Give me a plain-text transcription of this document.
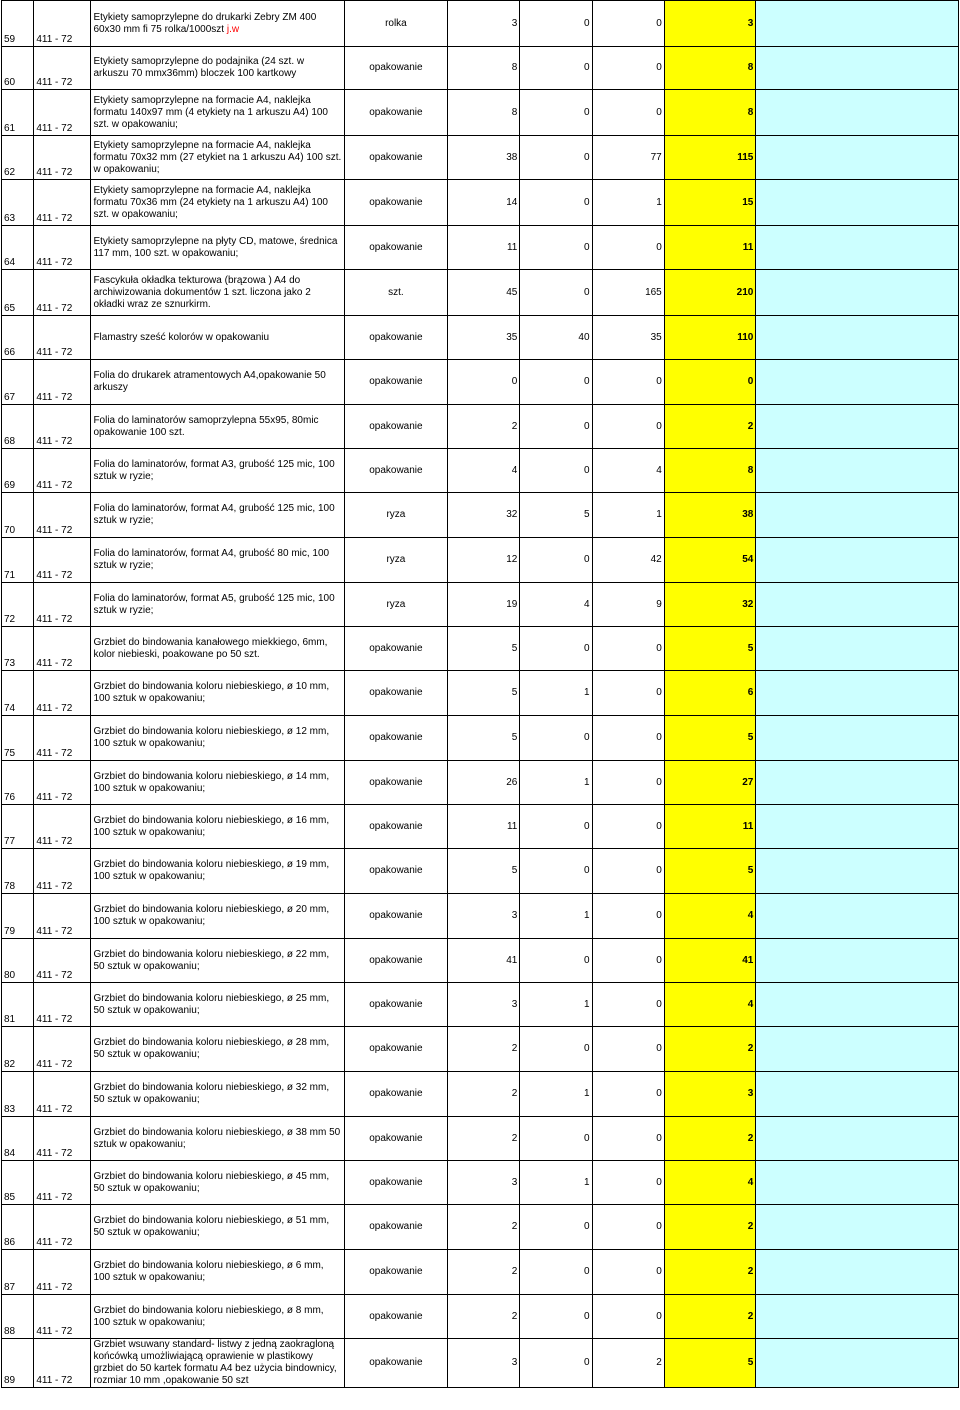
59	411 - 72	Etykiety samoprzylepne do drukarki Zebry ZM 400 60x30 mm fi 75 rolka/1000szt j.w	rolka	3	0	0	3	
60	411 - 72	Etykiety samoprzylepne do podajnika (24 szt. w arkuszu 70 mmx36mm) bloczek 100 kartkowy	opakowanie	8	0	0	8	
61	411 - 72	Etykiety samoprzylepne na formacie A4, naklejka formatu 140x97 mm (4 etykiety na 1 arkuszu A4) 100 szt. w opakowaniu;	opakowanie	8	0	0	8	
62	411 - 72	Etykiety samoprzylepne na formacie A4, naklejka formatu 70x32 mm (27 etykiet na 1 arkuszu A4) 100 szt. w opakowaniu;	opakowanie	38	0	77	115	
63	411 - 72	Etykiety samoprzylepne na formacie A4, naklejka formatu 70x36 mm (24 etykiety na 1 arkuszu A4) 100 szt. w opakowaniu;	opakowanie	14	0	1	15	
64	411 - 72	Etykiety samoprzylepne na płyty CD, matowe, średnica 117 mm, 100 szt. w opakowaniu;	opakowanie	11	0	0	11	
65	411 - 72	Fascykuła okładka tekturowa (brązowa ) A4 do archiwizowania dokumentów 1 szt. liczona jako 2 okładki wraz ze sznurkirm.	szt.	45	0	165	210	
66	411 - 72	Flamastry sześć kolorów w opakowaniu	opakowanie	35	40	35	110	
67	411 - 72	Folia do drukarek atramentowych A4,opakowanie 50 arkuszy	opakowanie	0	0	0	0	
68	411 - 72	Folia do laminatorów samoprzylepna 55x95, 80mic opakowanie 100 szt.	opakowanie	2	0	0	2	
69	411 - 72	Folia do laminatorów, format A3, grubość 125 mic, 100 sztuk w ryzie;	opakowanie	4	0	4	8	
70	411 - 72	Folia do laminatorów, format A4, grubość 125 mic, 100 sztuk w ryzie;	ryza	32	5	1	38	
71	411 - 72	Folia do laminatorów, format A4, grubość 80 mic, 100 sztuk w ryzie;	ryza	12	0	42	54	
72	411 - 72	Folia do laminatorów, format A5, grubość 125 mic, 100 sztuk w ryzie;	ryza	19	4	9	32	
73	411 - 72	Grzbiet do bindowania kanałowego miekkiego, 6mm, kolor niebieski, poakowane po 50 szt.	opakowanie	5	0	0	5	
74	411 - 72	Grzbiet do bindowania koloru niebieskiego, ø 10 mm, 100 sztuk w opakowaniu;	opakowanie	5	1	0	6	
75	411 - 72	Grzbiet do bindowania koloru niebieskiego, ø 12 mm, 100 sztuk w opakowaniu;	opakowanie	5	0	0	5	
76	411 - 72	Grzbiet do bindowania koloru niebieskiego, ø 14 mm, 100 sztuk w opakowaniu;	opakowanie	26	1	0	27	
77	411 - 72	Grzbiet do bindowania koloru niebieskiego, ø 16 mm, 100 sztuk w opakowaniu;	opakowanie	11	0	0	11	
78	411 - 72	Grzbiet do bindowania koloru niebieskiego, ø 19 mm, 100 sztuk w opakowaniu;	opakowanie	5	0	0	5	
79	411 - 72	Grzbiet do bindowania koloru niebieskiego, ø 20 mm, 100 sztuk w opakowaniu;	opakowanie	3	1	0	4	
80	411 - 72	Grzbiet do bindowania koloru niebieskiego, ø 22 mm, 50 sztuk w opakowaniu;	opakowanie	41	0	0	41	
81	411 - 72	Grzbiet do bindowania koloru niebieskiego, ø 25 mm, 50 sztuk w opakowaniu;	opakowanie	3	1	0	4	
82	411 - 72	Grzbiet do bindowania koloru niebieskiego, ø 28 mm, 50 sztuk w opakowaniu;	opakowanie	2	0	0	2	
83	411 - 72	Grzbiet do bindowania koloru niebieskiego, ø 32 mm, 50 sztuk w opakowaniu;	opakowanie	2	1	0	3	
84	411 - 72	Grzbiet do bindowania koloru niebieskiego, ø 38 mm 50 sztuk w opakowaniu;	opakowanie	2	0	0	2	
85	411 - 72	Grzbiet do bindowania koloru niebieskiego, ø 45 mm, 50 sztuk w opakowaniu;	opakowanie	3	1	0	4	
86	411 - 72	Grzbiet do bindowania koloru niebieskiego, ø 51 mm, 50 sztuk w opakowaniu;	opakowanie	2	0	0	2	
87	411 - 72	Grzbiet do bindowania koloru niebieskiego, ø 6 mm, 100 sztuk w opakowaniu;	opakowanie	2	0	0	2	
88	411 - 72	Grzbiet do bindowania koloru niebieskiego, ø 8 mm, 100 sztuk w opakowaniu;	opakowanie	2	0	0	2	
89	411 - 72	Grzbiet wsuwany standard- listwy z jedną zaokragloną końcówką umożliwiającą oprawienie w plastikowy grzbiet do 50 kartek formatu A4 bez użycia bindownicy, rozmiar 10 mm ,opakowanie 50 szt	opakowanie	3	0	2	5	
